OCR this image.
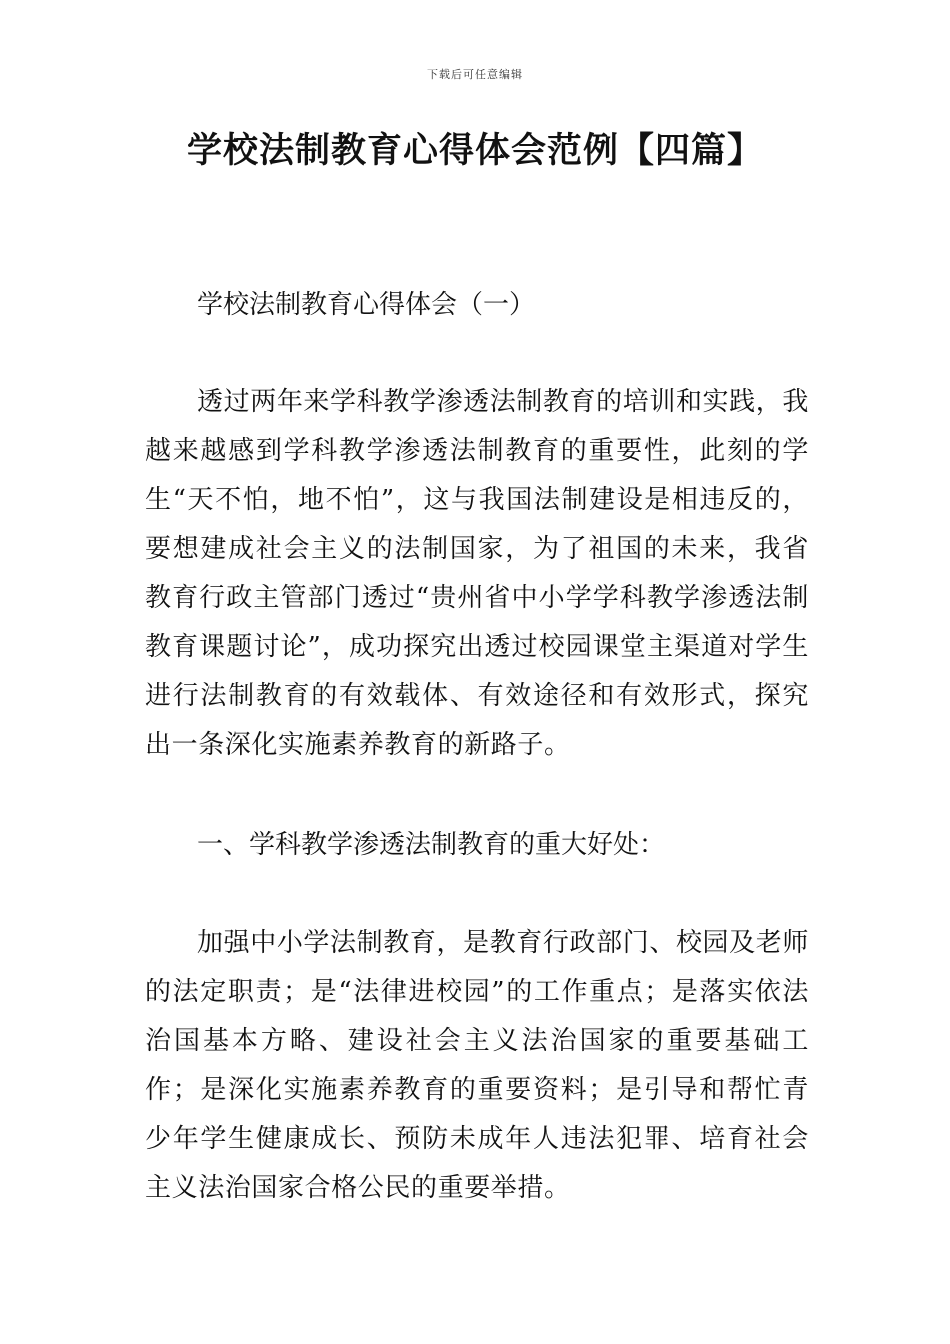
下载后可任意编辑
学校法制教育心得体会范例【四篇】

学校法制教育心得体会（一）

透过两年来学科教学渗透法制教育的培训和实践，我越来越感到学科教学渗透法制教育的重要性，此刻的学生“天不怕，地不怕”，这与我国法制建设是相违反的，要想建成社会主义的法制国家，为了祖国的未来，我省教育行政主管部门透过“贵州省中小学学科教学渗透法制教育课题讨论”，成功探究出透过校园课堂主渠道对学生进行法制教育的有效载体、有效途径和有效形式，探究出一条深化实施素养教育的新路子。

一、学科教学渗透法制教育的重大好处：

加强中小学法制教育，是教育行政部门、校园及老师的法定职责；是“法律进校园”的工作重点；是落实依法治国基本方略、建设社会主义法治国家的重要基础工作；是深化实施素养教育的重要资料；是引导和帮忙青少年学生健康成长、预防未成年人违法犯罪、培育社会主义法治国家合格公民的重要举措。
